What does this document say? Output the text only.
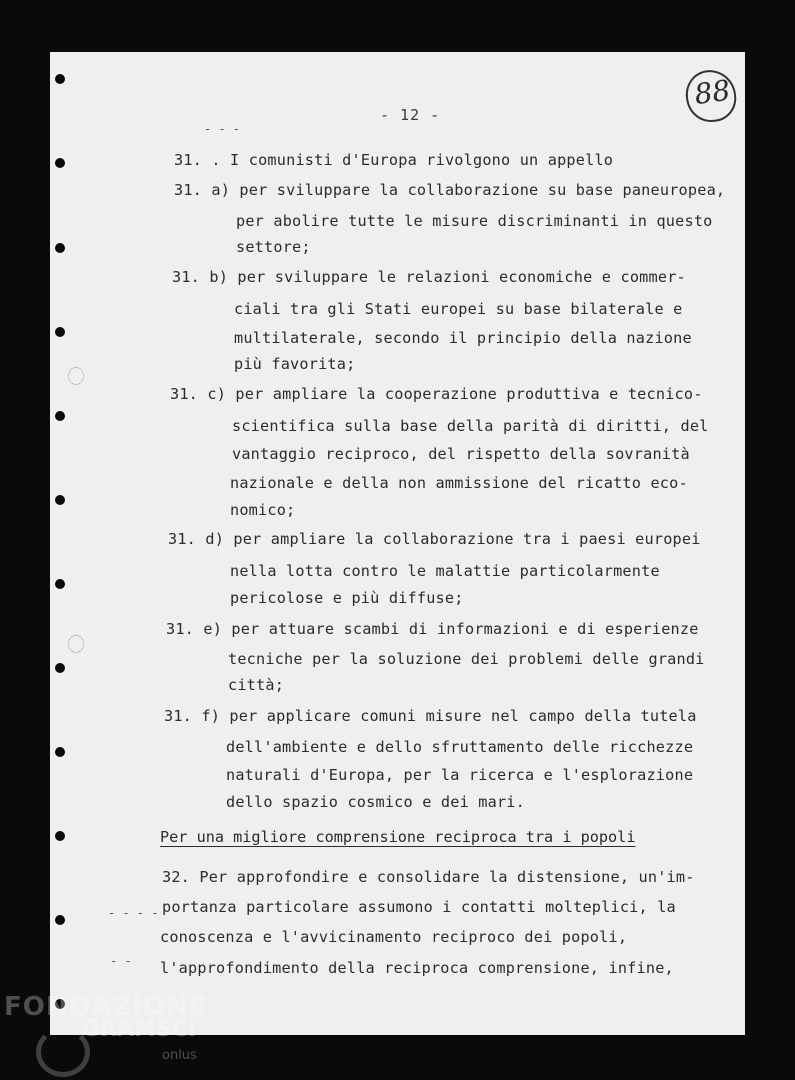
- 12 -
88
- - -
- - - -
- -
31. . I comunisti d'Europa rivolgono un appello
31. a) per sviluppare la collaborazione su base paneuropea,
per abolire tutte le misure discriminanti in questo
settore;
31. b) per sviluppare le relazioni economiche e commer-
ciali tra gli Stati europei su base bilaterale e
multilaterale, secondo il principio della nazione
più favorita;
31. c) per ampliare la cooperazione produttiva e tecnico-
scientifica sulla base della parità di diritti, del
vantaggio reciproco, del rispetto della sovranità
nazionale e della non ammissione del ricatto eco-
nomico;
31. d) per ampliare la collaborazione tra i paesi europei
nella lotta contro le malattie particolarmente
pericolose e più diffuse;
31. e) per attuare scambi di informazioni e di esperienze
tecniche per la soluzione dei problemi delle grandi
città;
31. f) per applicare comuni misure nel campo della tutela
dell'ambiente e dello sfruttamento delle ricchezze
naturali d'Europa, per la ricerca e l'esplorazione
dello spazio cosmico e dei mari.
Per una migliore comprensione reciproca tra i popoli
32. Per approfondire e consolidare la distensione, un'im-
portanza particolare assumono i contatti molteplici, la
conoscenza e l'avvicinamento reciproco dei popoli,
l'approfondimento della reciproca comprensione, infine,
FONDAZIONE
GRAMSCI
onlus
